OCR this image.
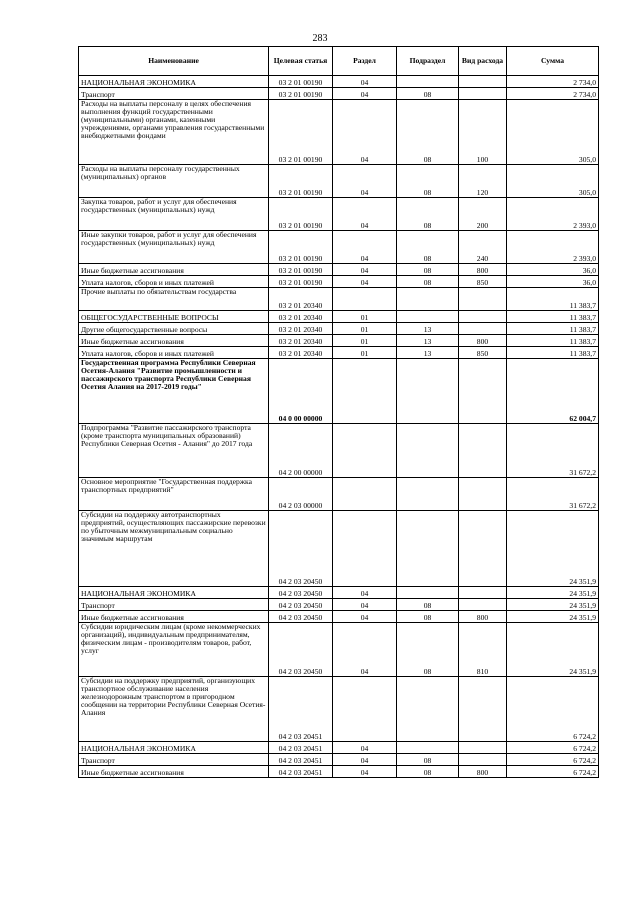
283
Наименование	Целевая статья	Раздел	Подраздел	Вид расхода	Сумма
НАЦИОНАЛЬНАЯ ЭКОНОМИКА	03 2 01 00190	04			2 734,0
Транспорт	03 2 01 00190	04	08		2 734,0
Расходы на выплаты персоналу в целях обеспечения выполнения функций государственными (муниципальными) органами, казенными учреждениями, органами управления государственными внебюджетными фондами	03 2 01 00190	04	08	100	305,0
Расходы на выплаты персоналу государственных (муниципальных) органов	03 2 01 00190	04	08	120	305,0
Закупка товаров, работ и услуг для обеспечения государственных (муниципальных) нужд	03 2 01 00190	04	08	200	2 393,0
Иные закупки товаров, работ и услуг для обеспечения государственных (муниципальных) нужд	03 2 01 00190	04	08	240	2 393,0
Иные бюджетные ассигнования	03 2 01 00190	04	08	800	36,0
Уплата налогов, сборов и иных платежей	03 2 01 00190	04	08	850	36,0
Прочие выплаты по обязательствам государства	03 2 01 20340				11 383,7
ОБЩЕГОСУДАРСТВЕННЫЕ ВОПРОСЫ	03 2 01 20340	01			11 383,7
Другие общегосударственные вопросы	03 2 01 20340	01	13		11 383,7
Иные бюджетные ассигнования	03 2 01 20340	01	13	800	11 383,7
Уплата налогов, сборов и иных платежей	03 2 01 20340	01	13	850	11 383,7
Государственная программа Республики Северная Осетия-Алания "Развитие промышленности и пассажирского транспорта Республики Северная Осетия Алания на 2017-2019 годы"	04 0 00 00000				62 004,7
Подпрограмма "Развитие пассажирского транспорта (кроме транспорта муниципальных образований) Республики Северная Осетия - Алания" до 2017 года	04 2 00 00000				31 672,2
Основное мероприятие "Государственная поддержка транспортных предприятий"	04 2 03 00000				31 672,2
Субсидии на поддержку автотранспортных предприятий, осуществляющих пассажирские перевозки по убыточным межмуниципальным социально значимым маршрутам	04 2 03 20450				24 351,9
НАЦИОНАЛЬНАЯ ЭКОНОМИКА	04 2 03 20450	04			24 351,9
Транспорт	04 2 03 20450	04	08		24 351,9
Иные бюджетные ассигнования	04 2 03 20450	04	08	800	24 351,9
Субсидии юридическим лицам (кроме некоммерческих организаций), индивидуальным предпринимателям, физическим лицам - производителям товаров, работ, услуг	04 2 03 20450	04	08	810	24 351,9
Субсидии на поддержку предприятий, организующих транспортное обслуживание населения железнодорожным транспортом в пригородном сообщении на территории Республики Северная Осетия-Алания	04 2 03 20451				6 724,2
НАЦИОНАЛЬНАЯ ЭКОНОМИКА	04 2 03 20451	04			6 724,2
Транспорт	04 2 03 20451	04	08		6 724,2
Иные бюджетные ассигнования	04 2 03 20451	04	08	800	6 724,2
